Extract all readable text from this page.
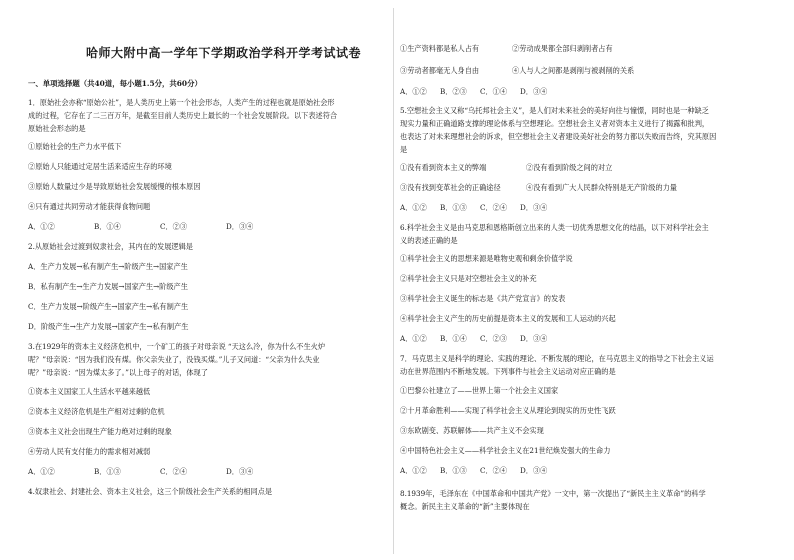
哈师大附中高一学年下学期政治学科开学考试试卷
一、单项选择题（共40道，每小题1.5分，共60分）
1．原始社会亦称“原始公社”，是人类历史上第一个社会形态，人类产生的过程也就是原始社会形
成的过程，它存在了二三百万年，是截至目前人类历史上最长的一个社会发展阶段。以下表述符合
原始社会形态的是
①原始社会的生产力水平低下
②原始人只能通过定居生活来适应生存的环境
③原始人数量过少是导致原始社会发展缓慢的根本原因
④只有通过共同劳动才能获得食物问题
A．①②	B．①④	C．②③	D．③④
2.从原始社会过渡到奴隶社会，其内在的发展逻辑是
A．生产力发展→私有制产生→阶级产生→国家产生
B．私有制产生→生产力发展→国家产生→阶级产生
C．生产力发展→阶级产生→国家产生→私有制产生
D．阶级产生→生产力发展→国家产生→私有制产生
3.在1929年的资本主义经济危机中，一个矿工的孩子对母亲说 “天这么冷，你为什么不生火炉
呢？”母亲说：“因为我们没有煤。你父亲失业了，没钱买煤。”儿子又问道：“父亲为什么失业
呢？”母亲说：“因为煤太多了。”以上母子的对话，体现了
①资本主义国家工人生活水平越来越低
②资本主义经济危机是生产相对过剩的危机
③资本主义社会出现生产能力绝对过剩的现象
④劳动人民有支付能力的需求相对减弱
A．①②	B．①③	C．②④	D．③④
4.奴隶社会、封建社会、资本主义社会，这三个阶级社会生产关系的相同点是
①生产资料都是私人占有	②劳动成果都全部归剥削者占有
③劳动者都毫无人身自由	④人与人之间都是剥削与被剥削的关系
A．①②	B．②③	C．①④	D．③④
5.空想社会主义又称“乌托邦社会主义”，是人们对未来社会的美好向往与憧憬，同时也是一种缺乏
现实力量和正确道路支撑的理论体系与空想理论。空想社会主义者对资本主义进行了揭露和批判，
也表达了对未来理想社会的诉求，但空想社会主义者建设美好社会的努力都以失败而告终，究其原因
是
①没有看到资本主义的弊端	②没有看到阶级之间的对立
③没有找到变革社会的正确途径	④没有看到广大人民群众特别是无产阶级的力量
A．①②	B．①③	C．②④	D．③④
6.科学社会主义是由马克思和恩格斯创立出来的人类一切优秀思想文化的结晶，以下对科学社会主
义的表述正确的是
①科学社会主义的思想来源是唯物史观和剩余价值学说
②科学社会主义只是对空想社会主义的补充
③科学社会主义诞生的标志是《共产党宣言》的发表
④科学社会主义产生的历史前提是资本主义的发展和工人运动的兴起
A．①②	B．①④	C．②③	D．③④
7．马克思主义是科学的理论、实践的理论、不断发展的理论，在马克思主义的指导之下社会主义运
动在世界范围内不断地发展。下列事件与社会主义运动对应正确的是
①巴黎公社建立了——世界上第一个社会主义国家
②十月革命胜利——实现了科学社会主义从理论到现实的历史性飞跃
③东欧剧变、苏联解体——共产主义不会实现
④中国特色社会主义——科学社会主义在21世纪焕发强大的生命力
A．①②	B．①③	C．②④	D．③④
8.1939年，毛泽东在《中国革命和中国共产党》一文中，第一次提出了“新民主主义革命”的科学
概念。新民主主义革命的“新”主要体现在
